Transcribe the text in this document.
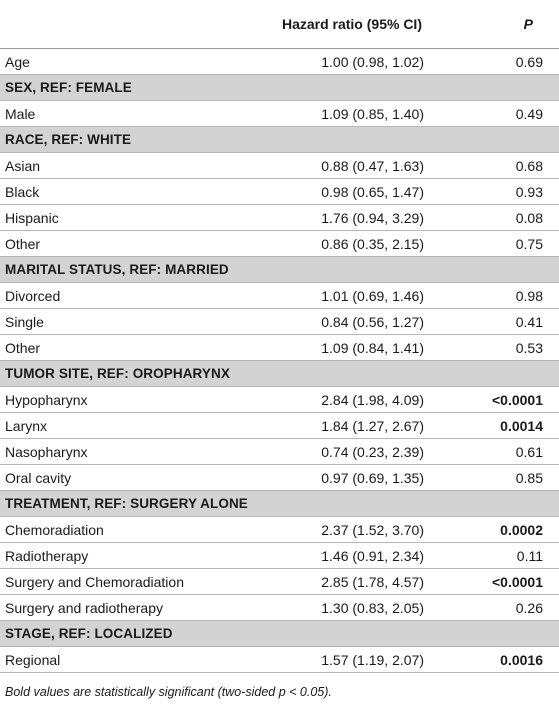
	Hazard ratio (95% CI)	P
Age	1.00 (0.98, 1.02)	0.69
SEX, REF: FEMALE		
Male	1.09 (0.85, 1.40)	0.49
RACE, REF: WHITE		
Asian	0.88 (0.47, 1.63)	0.68
Black	0.98 (0.65, 1.47)	0.93
Hispanic	1.76 (0.94, 3.29)	0.08
Other	0.86 (0.35, 2.15)	0.75
MARITAL STATUS, REF: MARRIED		
Divorced	1.01 (0.69, 1.46)	0.98
Single	0.84 (0.56, 1.27)	0.41
Other	1.09 (0.84, 1.41)	0.53
TUMOR SITE, REF: OROPHARYNX		
Hypopharynx	2.84 (1.98, 4.09)	<0.0001
Larynx	1.84 (1.27, 2.67)	0.0014
Nasopharynx	0.74 (0.23, 2.39)	0.61
Oral cavity	0.97 (0.69, 1.35)	0.85
TREATMENT, REF: SURGERY ALONE		
Chemoradiation	2.37 (1.52, 3.70)	0.0002
Radiotherapy	1.46 (0.91, 2.34)	0.11
Surgery and Chemoradiation	2.85 (1.78, 4.57)	<0.0001
Surgery and radiotherapy	1.30 (0.83, 2.05)	0.26
STAGE, REF: LOCALIZED		
Regional	1.57 (1.19, 2.07)	0.0016
Bold values are statistically significant (two-sided p < 0.05).
